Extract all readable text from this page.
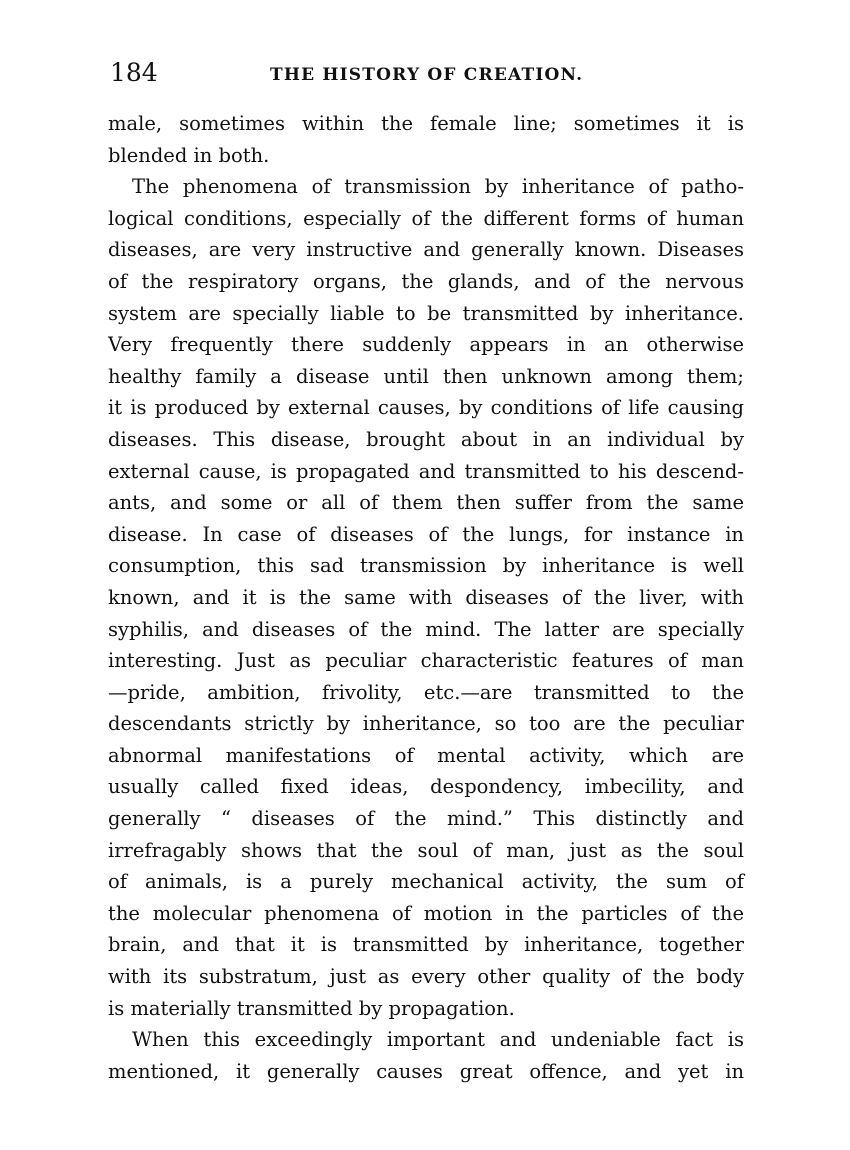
184	THE HISTORY OF CREATION.
male, sometimes within the female line; sometimes it is
blended in both.
The phenomena of transmission by inheritance of patho-
logical conditions, especially of the different forms of human
diseases, are very instructive and generally known. Diseases
of the respiratory organs, the glands, and of the nervous
system are specially liable to be transmitted by inheritance.
Very frequently there suddenly appears in an otherwise
healthy family a disease until then unknown among them;
it is produced by external causes, by conditions of life causing
diseases. This disease, brought about in an individual by
external cause, is propagated and transmitted to his descend-
ants, and some or all of them then suffer from the same
disease. In case of diseases of the lungs, for instance in
consumption, this sad transmission by inheritance is well
known, and it is the same with diseases of the liver, with
syphilis, and diseases of the mind. The latter are specially
interesting. Just as peculiar characteristic features of man
—pride, ambition, frivolity, etc.—are transmitted to the
descendants strictly by inheritance, so too are the peculiar
abnormal manifestations of mental activity, which are
usually called fixed ideas, despondency, imbecility, and
generally “ diseases of the mind.” This distinctly and
irrefragably shows that the soul of man, just as the soul
of animals, is a purely mechanical activity, the sum of
the molecular phenomena of motion in the particles of the
brain, and that it is transmitted by inheritance, together
with its substratum, just as every other quality of the body
is materially transmitted by propagation.
When this exceedingly important and undeniable fact is
mentioned, it generally causes great offence, and yet in
